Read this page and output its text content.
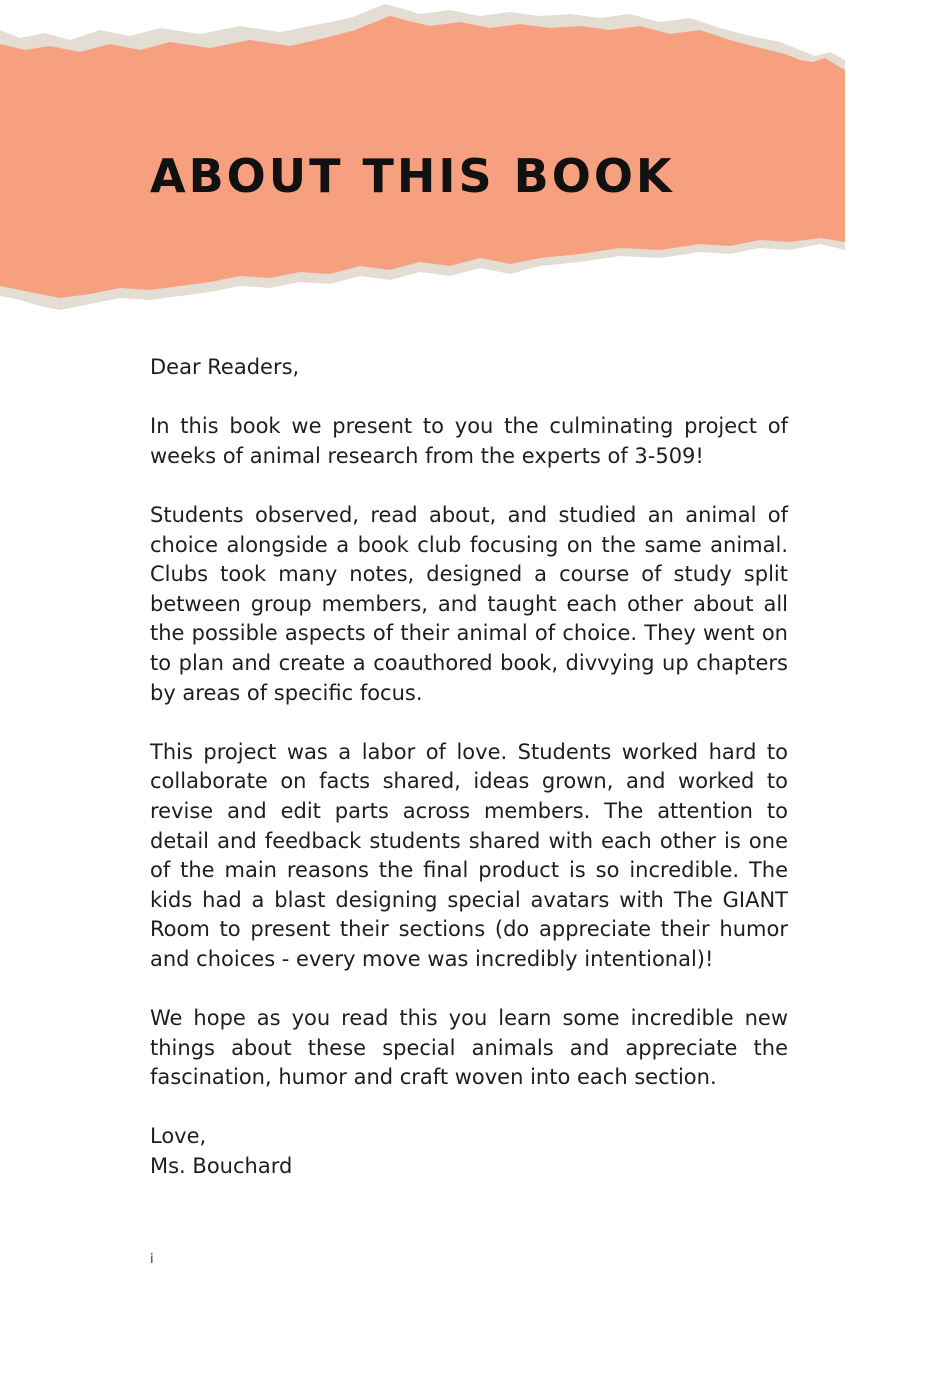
ABOUT THIS BOOK

Dear Readers,

In this book we present to you the culminating project of weeks of animal research from the experts of 3-509!

Students observed, read about, and studied an animal of choice alongside a book club focusing on the same animal. Clubs took many notes, designed a course of study split between group members, and taught each other about all the possible aspects of their animal of choice. They went on to plan and create a coauthored book, divvying up chapters by areas of specific focus.

This project was a labor of love. Students worked hard to collaborate on facts shared, ideas grown, and worked to revise and edit parts across members. The attention to detail and feedback students shared with each other is one of the main reasons the final product is so incredible. The kids had a blast designing special avatars with The GIANT Room to present their sections (do appreciate their humor and choices - every move was incredibly intentional)!

We hope as you read this you learn some incredible new things about these special animals and appreciate the fascination, humor and craft woven into each section.

Love,
Ms. Bouchard
i
